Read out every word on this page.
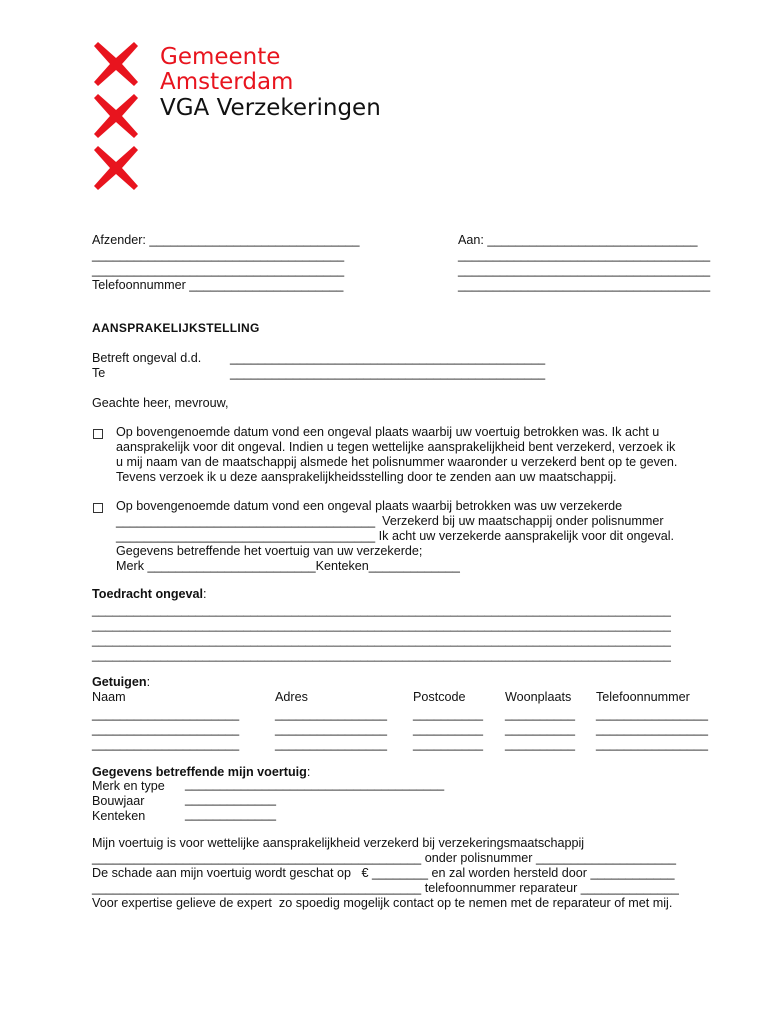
Gemeente
Amsterdam
VGA Verzekeringen
Afzender: ______________________________
____________________________________
____________________________________
Telefoonnummer ______________________
Aan: ______________________________
____________________________________
____________________________________
____________________________________
AANSPRAKELIJKSTELLING
Betreft ongeval d.d.
Te
_____________________________________________
_____________________________________________
Geachte heer, mevrouw,
Op bovengenoemde datum vond een ongeval plaats waarbij uw voertuig betrokken was. Ik acht u
aansprakelijk voor dit ongeval. Indien u tegen wettelijke aansprakelijkheid bent verzekerd, verzoek ik
u mij naam van de maatschappij alsmede het polisnummer waaronder u verzekerd bent op te geven.
Tevens verzoek ik u deze aansprakelijkheidsstelling door te zenden aan uw maatschappij.
Op bovengenoemde datum vond een ongeval plaats waarbij betrokken was uw verzekerde
_____________________________________  Verzekerd bij uw maatschappij onder polisnummer
_____________________________________ Ik acht uw verzekerde aansprakelijk voor dit ongeval.
Gegevens betreffende het voertuig van uw verzekerde;
Merk ________________________Kenteken_____________
Toedracht ongeval:
____________________________________________________________________________________
____________________________________________________________________________________
____________________________________________________________________________________
____________________________________________________________________________________
Getuigen:
Naam	Adres	Postcode	Woonplaats Telefoonnummer
_____________________	________________ __________ __________ ________________
_____________________	________________ __________ __________ ________________
_____________________	________________ __________ __________ ________________
Gegevens betreffende mijn voertuig:
Merk en type _____________________________________
Bouwjaar	_____________
Kenteken	_____________
Mijn voertuig is voor wettelijke aansprakelijkheid verzekerd bij verzekeringsmaatschappij
_______________________________________________ onder polisnummer ____________________
De schade aan mijn voertuig wordt geschat op   € ________ en zal worden hersteld door ____________
_______________________________________________ telefoonnummer reparateur ______________
Voor expertise gelieve de expert  zo spoedig mogelijk contact op te nemen met de reparateur of met mij.
